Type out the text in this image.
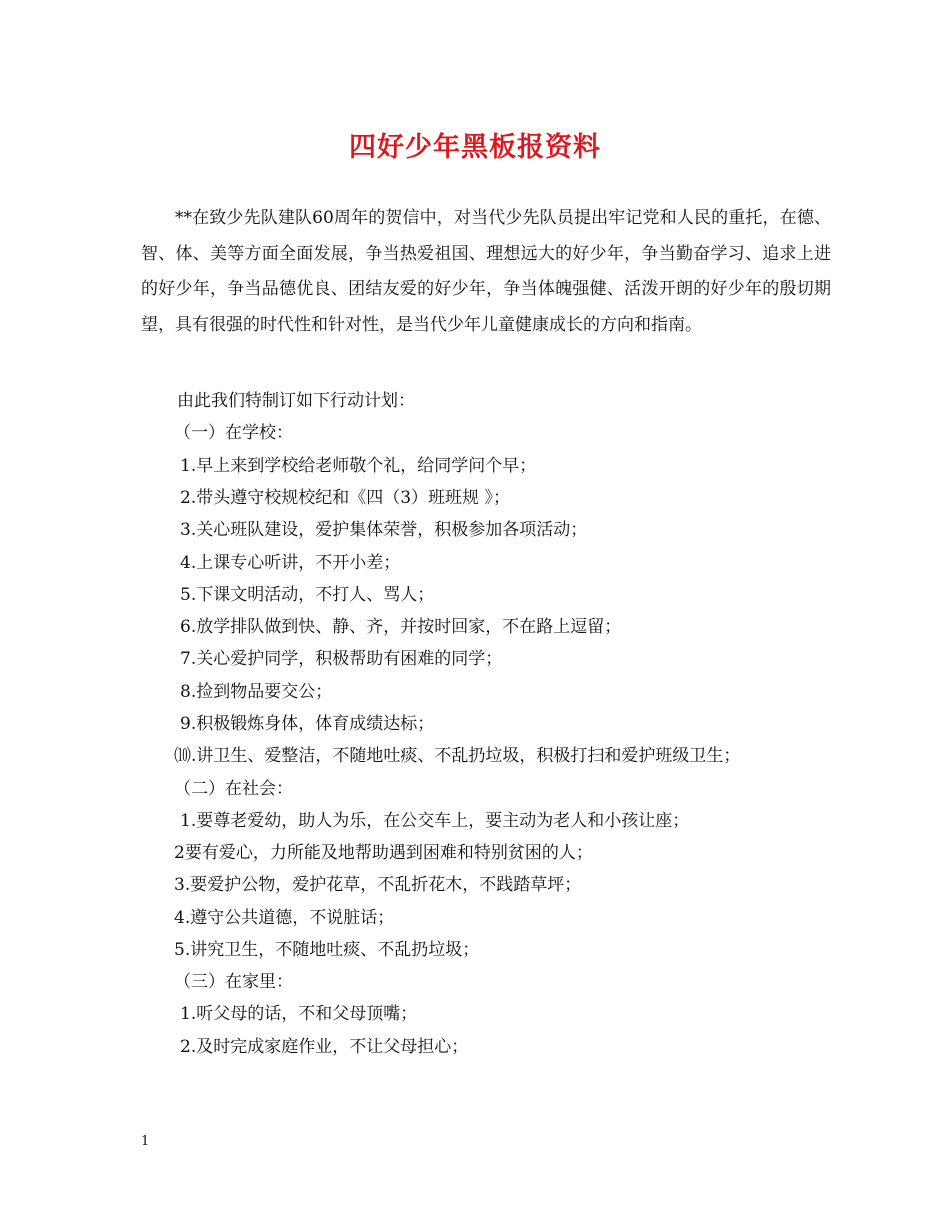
四好少年黑板报资料

**在致少先队建队60周年的贺信中，对当代少先队员提出牢记党和人民的重托，在德、智、体、美等方面全面发展，争当热爱祖国、理想远大的好少年，争当勤奋学习、追求上进的好少年，争当品德优良、团结友爱的好少年，争当体魄强健、活泼开朗的好少年的殷切期望，具有很强的时代性和针对性，是当代少年儿童健康成长的方向和指南。

由此我们特制订如下行动计划：
（一）在学校：
1.早上来到学校给老师敬个礼，给同学问个早；
2.带头遵守校规校纪和《四（3）班班规 》；
3.关心班队建设，爱护集体荣誉，积极参加各项活动；
4.上课专心听讲，不开小差；
5.下课文明活动，不打人、骂人；
6.放学排队做到快、静、齐，并按时回家，不在路上逗留；
7.关心爱护同学，积极帮助有困难的同学；
8.捡到物品要交公；
9.积极锻炼身体，体育成绩达标；
⑽.讲卫生、爱整洁，不随地吐痰、不乱扔垃圾，积极打扫和爱护班级卫生；
（二）在社会：
1.要尊老爱幼，助人为乐，在公交车上，要主动为老人和小孩让座；
2要有爱心，力所能及地帮助遇到困难和特别贫困的人；
3.要爱护公物，爱护花草，不乱折花木，不践踏草坪；
4.遵守公共道德，不说脏话；
5.讲究卫生，不随地吐痰、不乱扔垃圾；
（三）在家里：
1.听父母的话，不和父母顶嘴；
2.及时完成家庭作业，不让父母担心；
1
